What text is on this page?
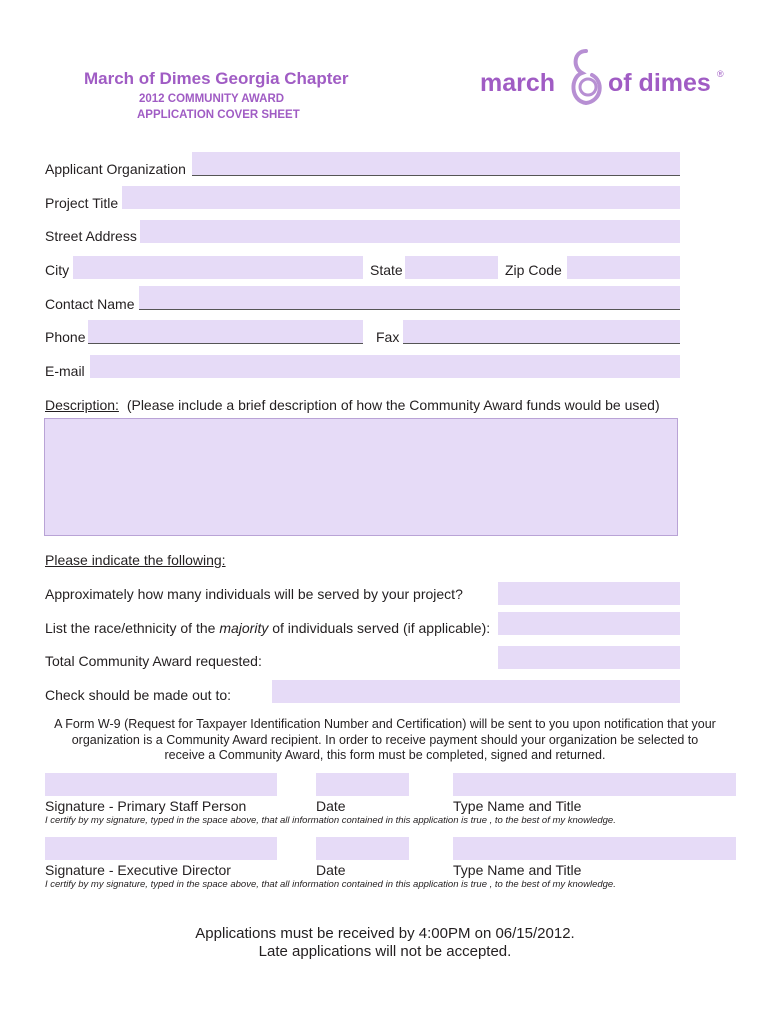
March of Dimes Georgia Chapter
2012 COMMUNITY AWARD
APPLICATION COVER SHEET
march of dimes ®
Applicant Organization
Project Title
Street Address
City	State	Zip Code
Contact Name
Phone	Fax
E-mail
Description: (Please include a brief description of how the Community Award funds would be used)
Please indicate the following:
Approximately how many individuals will be served by your project?
List the race/ethnicity of the majority of individuals served (if applicable):
Total Community Award requested:
Check should be made out to:
A Form W-9 (Request for Taxpayer Identification Number and Certification) will be sent to you upon notification that your
organization is a Community Award recipient. In order to receive payment should your organization be selected to
receive a Community Award, this form must be completed, signed and returned.
Signature - Primary Staff Person	Date	Type Name and Title
I certify by my signature, typed in the space above, that all information contained in this application is true , to the best of my knowledge.
Signature - Executive Director	Date	Type Name and Title
I certify by my signature, typed in the space above, that all information contained in this application is true , to the best of my knowledge.
Applications must be received by 4:00PM on 06/15/2012.
Late applications will not be accepted.
